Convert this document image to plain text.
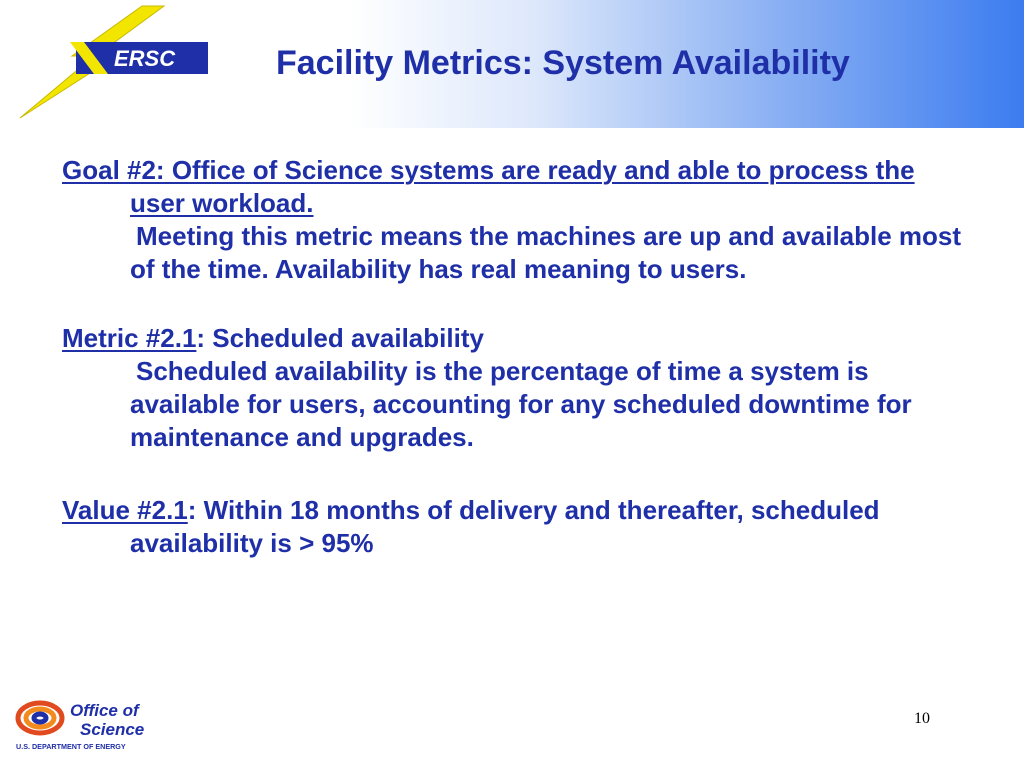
ERSC	Facility Metrics: System Availability
Goal #2: Office of Science systems are ready and able to process the user workload.
Meeting this metric means the machines are up and available most of the time. Availability has real meaning to users.
Metric #2.1: Scheduled availability
Scheduled availability is the percentage of time a system is available for users, accounting for any scheduled downtime for maintenance and upgrades.
Value #2.1: Within 18 months of delivery and thereafter, scheduled availability is > 95%
Office of
Science
U.S. DEPARTMENT OF ENERGY
10
